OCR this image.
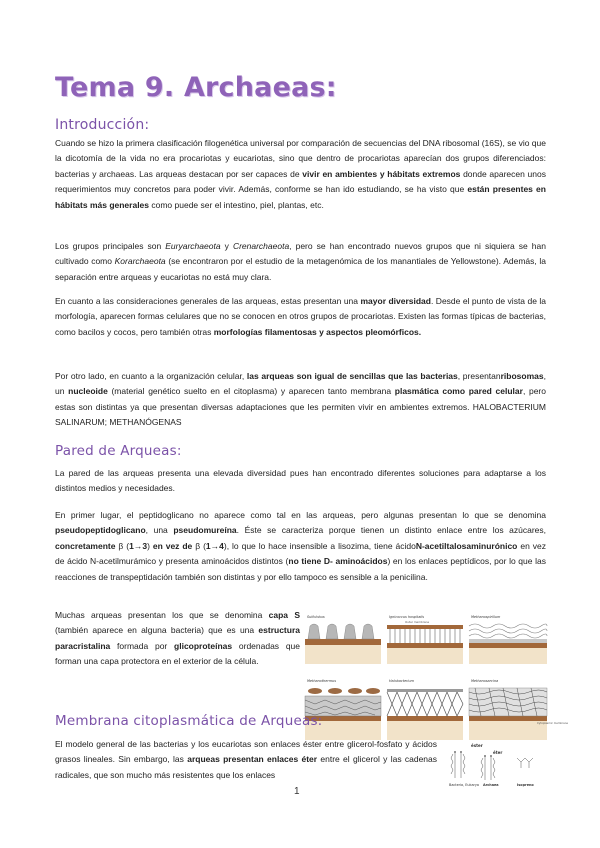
Tema 9. Archaeas:
Introducción:

Cuando se hizo la primera clasificación filogenética universal por comparación de secuencias del DNA ribosomal (16S), se vio que la dicotomía de la vida no era procariotas y eucariotas, sino que dentro de procariotas aparecían dos grupos diferenciados: bacterias y archaeas. Las arqueas destacan por ser capaces de vivir en ambientes y hábitats extremos donde aparecen unos requerimientos muy concretos para poder vivir. Además, conforme se han ido estudiando, se ha visto que están presentes en hábitats más generales como puede ser el intestino, piel, plantas, etc.

Los grupos principales son Euryarchaeota y Crenarchaeota, pero se han encontrado nuevos grupos que ni siquiera se han cultivado como Korarchaeota (se encontraron por el estudio de la metagenómica de los manantiales de Yellowstone). Además, la separación entre arqueas y eucariotas no está muy clara.

En cuanto a las consideraciones generales de las arqueas, estas presentan una mayor diversidad. Desde el punto de vista de la morfología, aparecen formas celulares que no se conocen en otros grupos de procariotas. Existen las formas típicas de bacterias, como bacilos y cocos, pero también otras morfologías filamentosas y aspectos pleomórficos.

Por otro lado, en cuanto a la organización celular, las arqueas son igual de sencillas que las bacterias, presentanribosomas, un nucleoide (material genético suelto en el citoplasma) y aparecen tanto membrana plasmática como pared celular, pero estas son distintas ya que presentan diversas adaptaciones que les permiten vivir en ambientes extremos. HALOBACTERIUM SALINARUM; METHANÓGENAS

Pared de Arqueas:

La pared de las arqueas presenta una elevada diversidad pues han encontrado diferentes soluciones para adaptarse a los distintos medios y necesidades.

En primer lugar, el peptidoglicano no aparece como tal en las arqueas, pero algunas presentan lo que se denomina pseudopeptidoglicano, una pseudomureína. Éste se caracteriza porque tienen un distinto enlace entre los azúcares, concretamente β (1→3) en vez de β (1→4), lo que lo hace insensible a lisozima, tiene ácidoN-acetiltalosaminurónico en vez de ácido N-acetilmurámico y presenta aminoácidos distintos (no tiene D- aminoácidos) en los enlaces peptídicos, por lo que las reacciones de transpeptidación también son distintas y por ello tampoco es sensible a la penicilina.

Muchas arqueas presentan los que se denomina capa S (también aparece en alguna bacteria) que es una estructura paracristalina formada por glicoproteínas ordenadas que forman una capa protectora en el exterior de la célula.

Sulfolobus	Ignicoccus hospitalis
Outer membrane
Methanospirillum
Methanothermus	Halobacterium	Methanosarcina
Cytoplasmic membrane
Membrana citoplasmática de Arqueas:

El modelo general de las bacterias y los eucariotas son enlaces éster entre glicerol-fosfato y ácidos grasos lineales. Sin embargo, las arqueas presentan enlaces éter entre el glicerol y las cadenas radicales, que son mucho más resistentes que los enlaces

éster
éter
Bacteria, Eukarya Archaea	Isopreno
1
